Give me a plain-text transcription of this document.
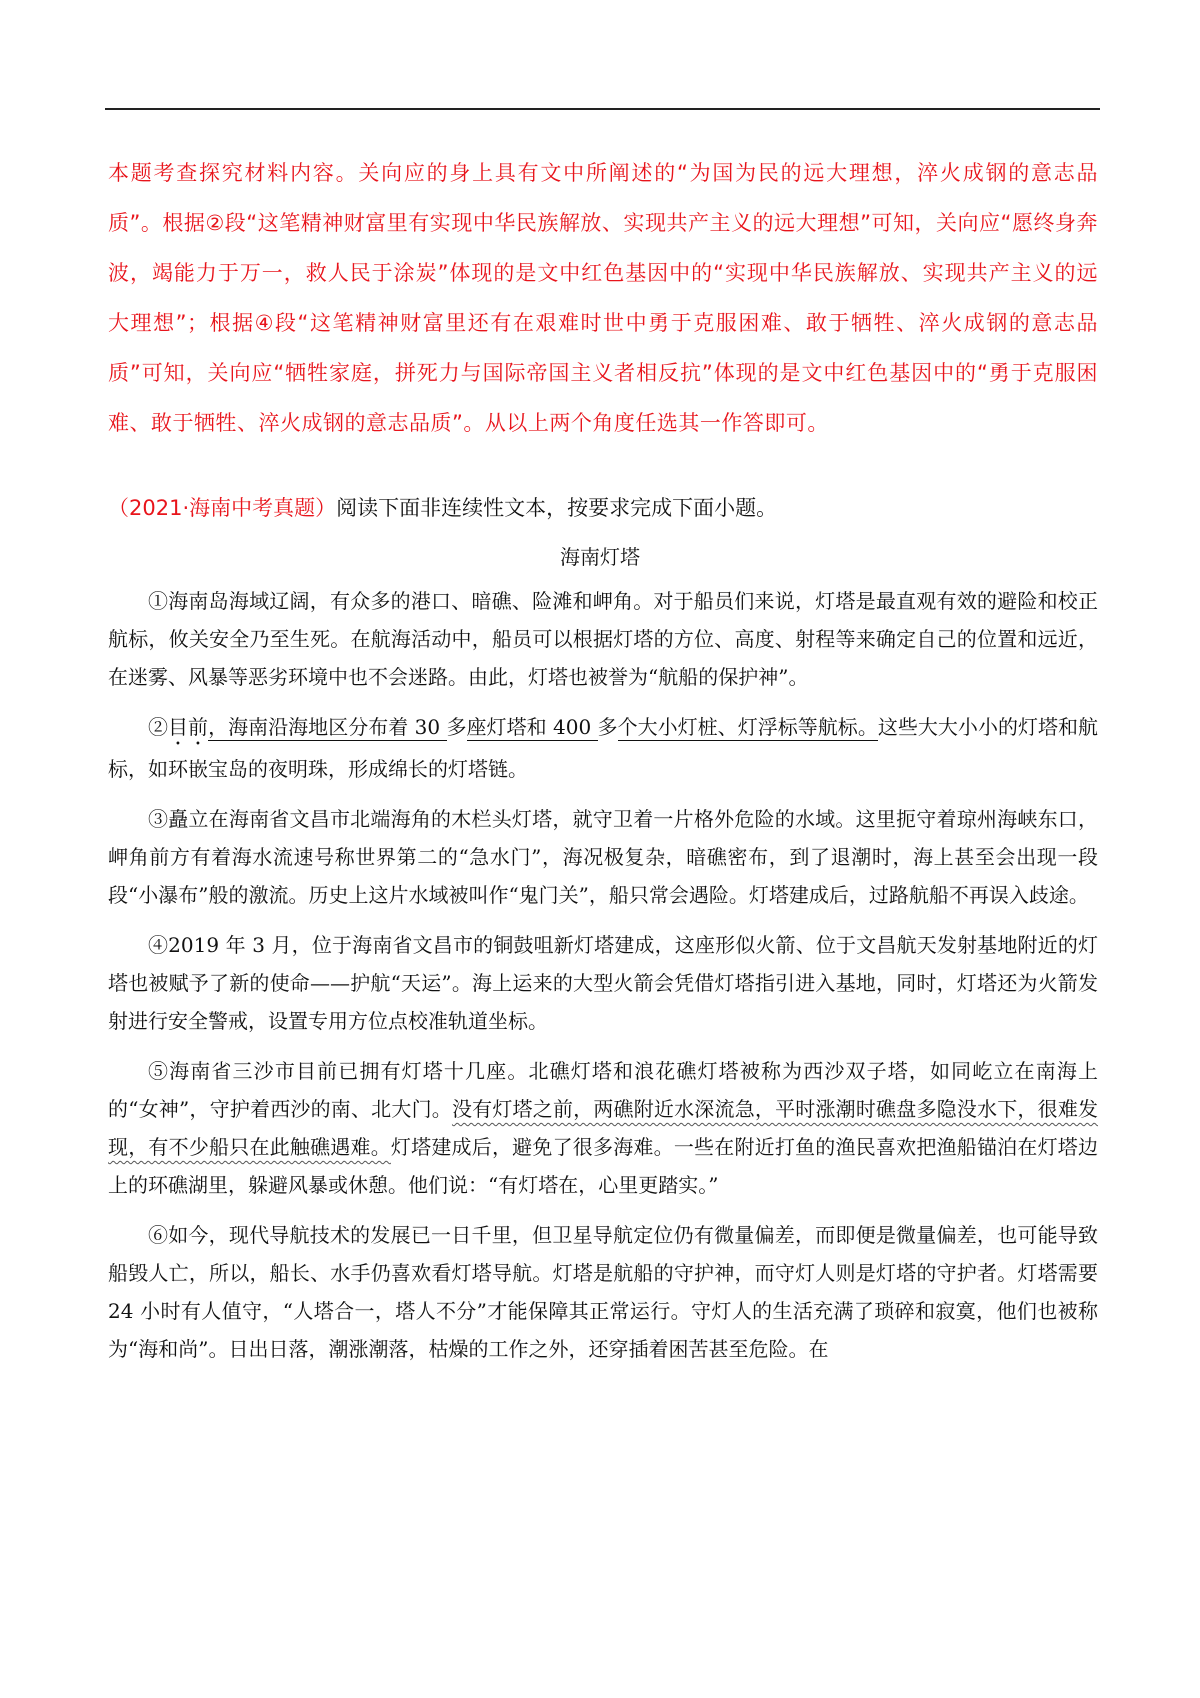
本题考查探究材料内容。关向应的身上具有文中所阐述的“为国为民的远大理想，淬火成钢的意志品质”。根据②段“这笔精神财富里有实现中华民族解放、实现共产主义的远大理想”可知，关向应“愿终身奔波，竭能力于万一，救人民于涂炭”体现的是文中红色基因中的“实现中华民族解放、实现共产主义的远大理想”；根据④段“这笔精神财富里还有在艰难时世中勇于克服困难、敢于牺牲、淬火成钢的意志品质”可知，关向应“牺牲家庭，拼死力与国际帝国主义者相反抗”体现的是文中红色基因中的“勇于克服困难、敢于牺牲、淬火成钢的意志品质”。从以上两个角度任选其一作答即可。

（2021·海南中考真题）阅读下面非连续性文本，按要求完成下面小题。
海南灯塔

①海南岛海域辽阔，有众多的港口、暗礁、险滩和岬角。对于船员们来说，灯塔是最直观有效的避险和校正航标，攸关安全乃至生死。在航海活动中，船员可以根据灯塔的方位、高度、射程等来确定自己的位置和远近，在迷雾、风暴等恶劣环境中也不会迷路。由此，灯塔也被誉为“航船的保护神”。

②目前，海南沿海地区分布着 30 多座灯塔和 400 多个大小灯桩、灯浮标等航标。这些大大小小的灯塔和航标，如环嵌宝岛的夜明珠，形成绵长的灯塔链。

③矗立在海南省文昌市北端海角的木栏头灯塔，就守卫着一片格外危险的水域。这里扼守着琼州海峡东口，岬角前方有着海水流速号称世界第二的“急水门”，海况极复杂，暗礁密布，到了退潮时，海上甚至会出现一段段“小瀑布”般的激流。历史上这片水域被叫作“鬼门关”，船只常会遇险。灯塔建成后，过路航船不再误入歧途。

④2019 年 3 月，位于海南省文昌市的铜鼓咀新灯塔建成，这座形似火箭、位于文昌航天发射基地附近的灯塔也被赋予了新的使命——护航“天运”。海上运来的大型火箭会凭借灯塔指引进入基地，同时，灯塔还为火箭发射进行安全警戒，设置专用方位点校准轨道坐标。

⑤海南省三沙市目前已拥有灯塔十几座。北礁灯塔和浪花礁灯塔被称为西沙双子塔，如同屹立在南海上的“女神”，守护着西沙的南、北大门。没有灯塔之前，两礁附近水深流急，平时涨潮时礁盘多隐没水下，很难发现，有不少船只在此触礁遇难。灯塔建成后，避免了很多海难。一些在附近打鱼的渔民喜欢把渔船锚泊在灯塔边上的环礁湖里，躲避风暴或休憩。他们说：“有灯塔在，心里更踏实。”

⑥如今，现代导航技术的发展已一日千里，但卫星导航定位仍有微量偏差，而即便是微量偏差，也可能导致船毁人亡，所以，船长、水手仍喜欢看灯塔导航。灯塔是航船的守护神，而守灯人则是灯塔的守护者。灯塔需要 24 小时有人值守，“人塔合一，塔人不分”才能保障其正常运行。守灯人的生活充满了琐碎和寂寞，他们也被称为“海和尚”。日出日落，潮涨潮落，枯燥的工作之外，还穿插着困苦甚至危险。在
